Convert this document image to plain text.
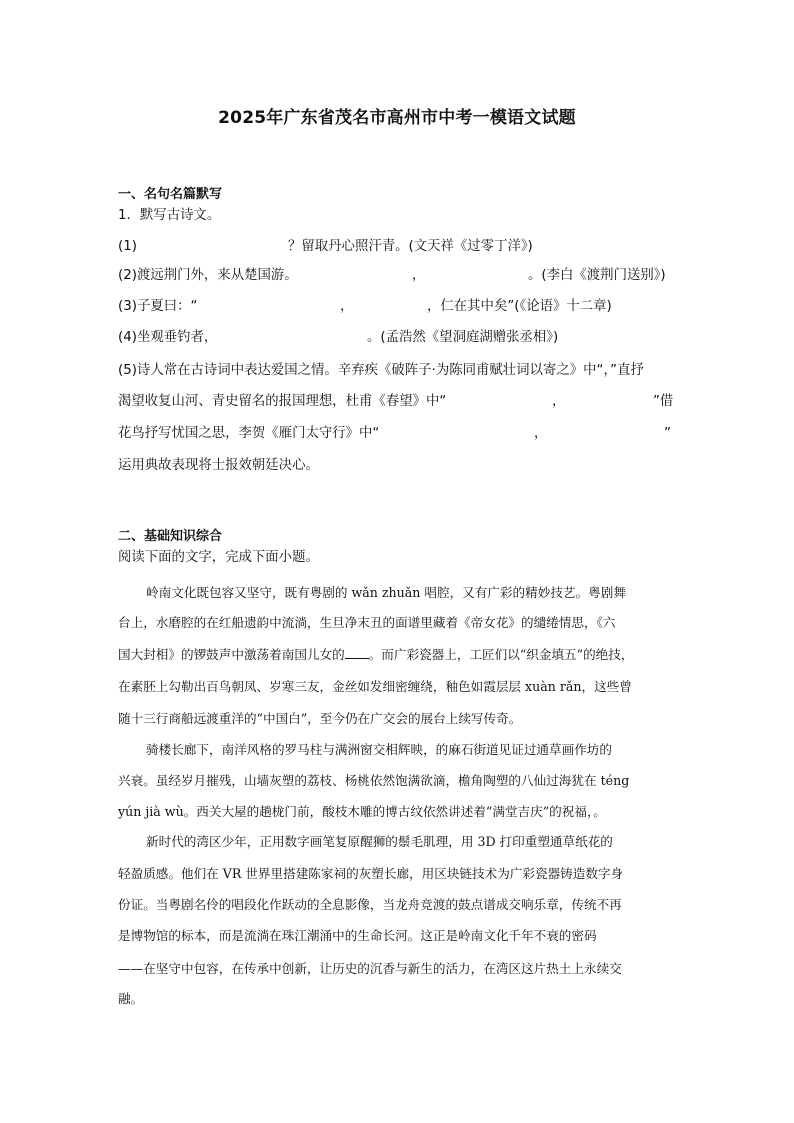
2025年广东省茂名市高州市中考一模语文试题
一、名句名篇默写
1．默写古诗文。
(1)	？留取丹心照汗青。(文天祥《过零丁洋》)
(2)渡远荆门外，来从楚国游。	，	。(李白《渡荆门送别》)
(3)子夏曰：“	，	，仁在其中矣”(《论语》十二章)
(4)坐观垂钓者，	。(孟浩然《望洞庭湖赠张丞相》)
(5)诗人常在古诗词中表达爱国之情。辛弃疾《破阵子·为陈同甫赋壮词以寄之》中“，”直抒
渴望收复山河、青史留名的报国理想，杜甫《春望》中“	，	”借
花鸟抒写忧国之思，李贺《雁门太守行》中“	，	”
运用典故表现将士报效朝廷决心。
二、基础知识综合
阅读下面的文字，完成下面小题。
岭南文化既包容又坚守，既有粤剧的 wǎn zhuǎn 唱腔，又有广彩的精妙技艺。粤剧舞
台上，水磨腔的在红船遗韵中流淌，生旦净末丑的面谱里藏着《帝女花》的缱绻情思，《六
国大封相》的锣鼓声中激荡着南国儿女的 。而广彩瓷器上，工匠们以“织金填五”的绝技，
在素胚上勾勒出百鸟朝凤、岁寒三友，金丝如发细密缠绕，釉色如霞层层 xuàn rǎn，这些曾
随十三行商船远渡重洋的“中国白”，至今仍在广交会的展台上续写传奇。
骑楼长廊下，南洋风格的罗马柱与满洲窗交相辉映，的麻石街道见证过通草画作坊的
兴衰。虽经岁月摧残，山墙灰塑的荔枝、杨桃依然饱满欲滴，檐角陶塑的八仙过海犹在 téng
yún jià wù。西关大屋的趟栊门前，酸枝木雕的博古纹依然讲述着“满堂吉庆”的祝福，。
新时代的湾区少年，正用数字画笔复原醒狮的鬃毛肌理，用 3D 打印重塑通草纸花的
轻盈质感。他们在 VR 世界里搭建陈家祠的灰塑长廊，用区块链技术为广彩瓷器铸造数字身
份证。当粤剧名伶的唱段化作跃动的全息影像，当龙舟竞渡的鼓点谱成交响乐章，传统不再
是博物馆的标本，而是流淌在珠江潮涌中的生命长河。这正是岭南文化千年不衰的密码
——在坚守中包容，在传承中创新，让历史的沉香与新生的活力，在湾区这片热土上永续交
融。
